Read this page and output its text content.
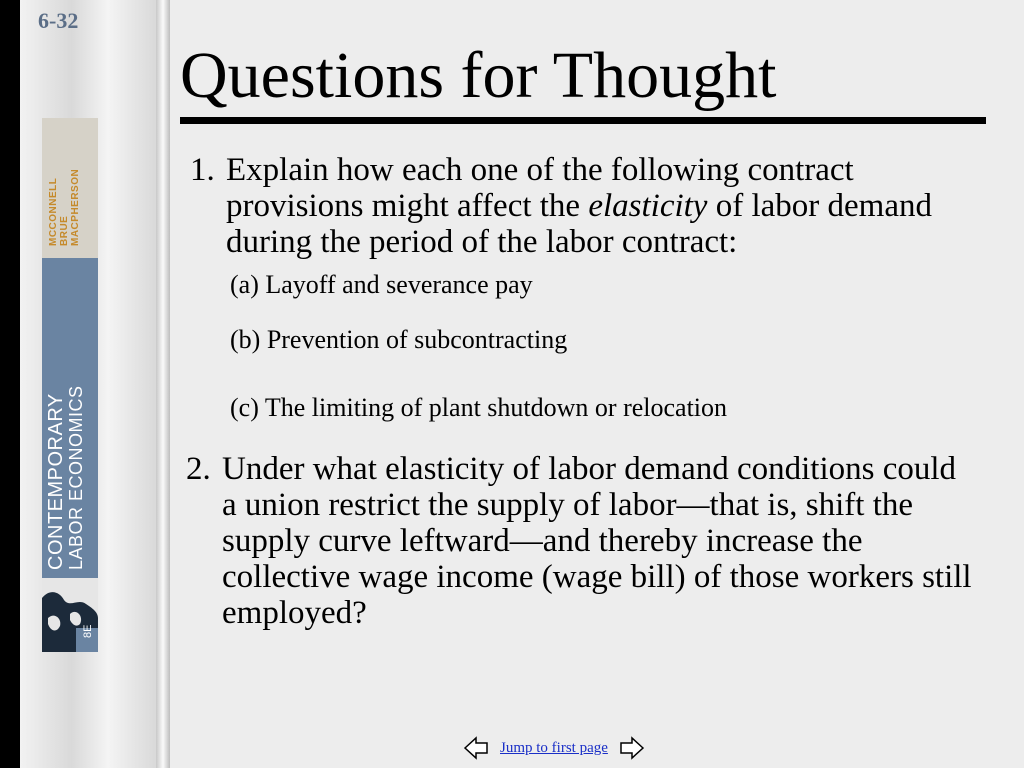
6-32
MCCONNELL BRUE MACPHERSON
CONTEMPORARY LABOR ECONOMICS
8E
Questions for Thought
1. Explain how each one of the following contract provisions might affect the elasticity of labor demand during the period of the labor contract:
(a) Layoff and severance pay
(b) Prevention of subcontracting
(c) The limiting of plant shutdown or relocation
2. Under what elasticity of labor demand conditions could a union restrict the supply of labor—that is, shift the supply curve leftward—and thereby increase the collective wage income (wage bill) of those workers still employed?
Jump to first page
